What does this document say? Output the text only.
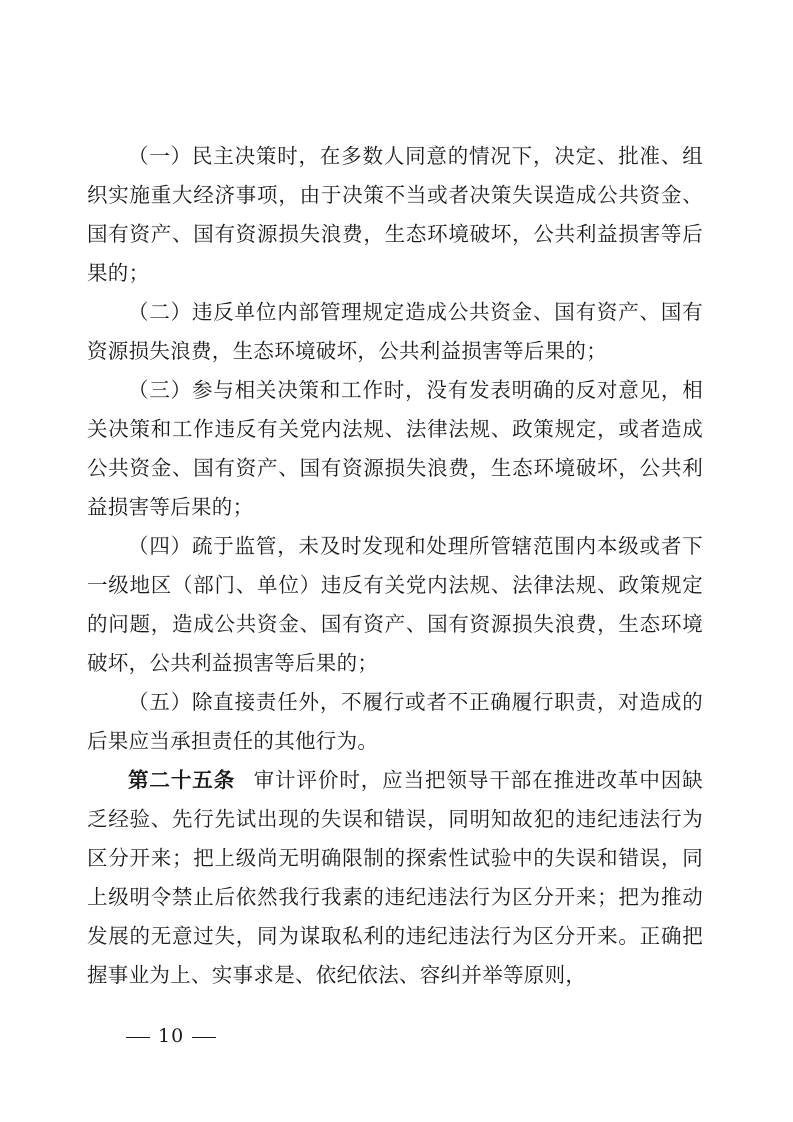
（一）民主决策时，在多数人同意的情况下，决定、批准、组织实施重大经济事项，由于决策不当或者决策失误造成公共资金、国有资产、国有资源损失浪费，生态环境破坏，公共利益损害等后果的；

（二）违反单位内部管理规定造成公共资金、国有资产、国有资源损失浪费，生态环境破坏，公共利益损害等后果的；

（三）参与相关决策和工作时，没有发表明确的反对意见，相关决策和工作违反有关党内法规、法律法规、政策规定，或者造成公共资金、国有资产、国有资源损失浪费，生态环境破坏，公共利益损害等后果的；

（四）疏于监管，未及时发现和处理所管辖范围内本级或者下一级地区（部门、单位）违反有关党内法规、法律法规、政策规定的问题，造成公共资金、国有资产、国有资源损失浪费，生态环境破坏，公共利益损害等后果的；

（五）除直接责任外，不履行或者不正确履行职责，对造成的后果应当承担责任的其他行为。

第二十五条 审计评价时，应当把领导干部在推进改革中因缺乏经验、先行先试出现的失误和错误，同明知故犯的违纪违法行为区分开来；把上级尚无明确限制的探索性试验中的失误和错误，同上级明令禁止后依然我行我素的违纪违法行为区分开来；把为推动发展的无意过失，同为谋取私利的违纪违法行为区分开来。正确把握事业为上、实事求是、依纪依法、容纠并举等原则，

10
